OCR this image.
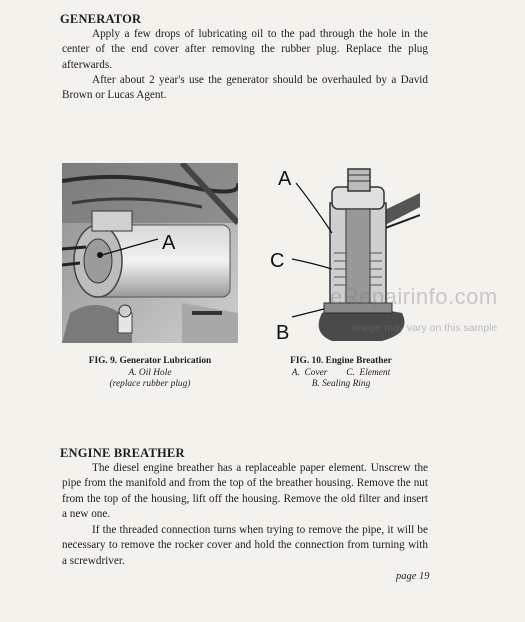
GENERATOR

Apply a few drops of lubricating oil to the pad through the hole in the center of the end cover after removing the rubber plug. Replace the plug afterwards.

After about 2 year's use the generator should be overhauled by a David Brown or Lucas Agent.

A
A
C
B
eRepairinfo.com
Image may vary on this sample
FIG. 9. Generator Lubrication
A. Oil Hole
(replace rubber plug)
FIG. 10. Engine Breather
A.  Cover        C.  Element
B. Sealing Ring
ENGINE BREATHER

The diesel engine breather has a replaceable paper element. Unscrew the pipe from the manifold and from the top of the breather housing. Remove the nut from the top of the housing, lift off the housing. Remove the old filter and insert a new one.

If the threaded connection turns when trying to remove the pipe, it will be necessary to remove the rocker cover and hold the connection from turning with a screwdriver.

page 19
